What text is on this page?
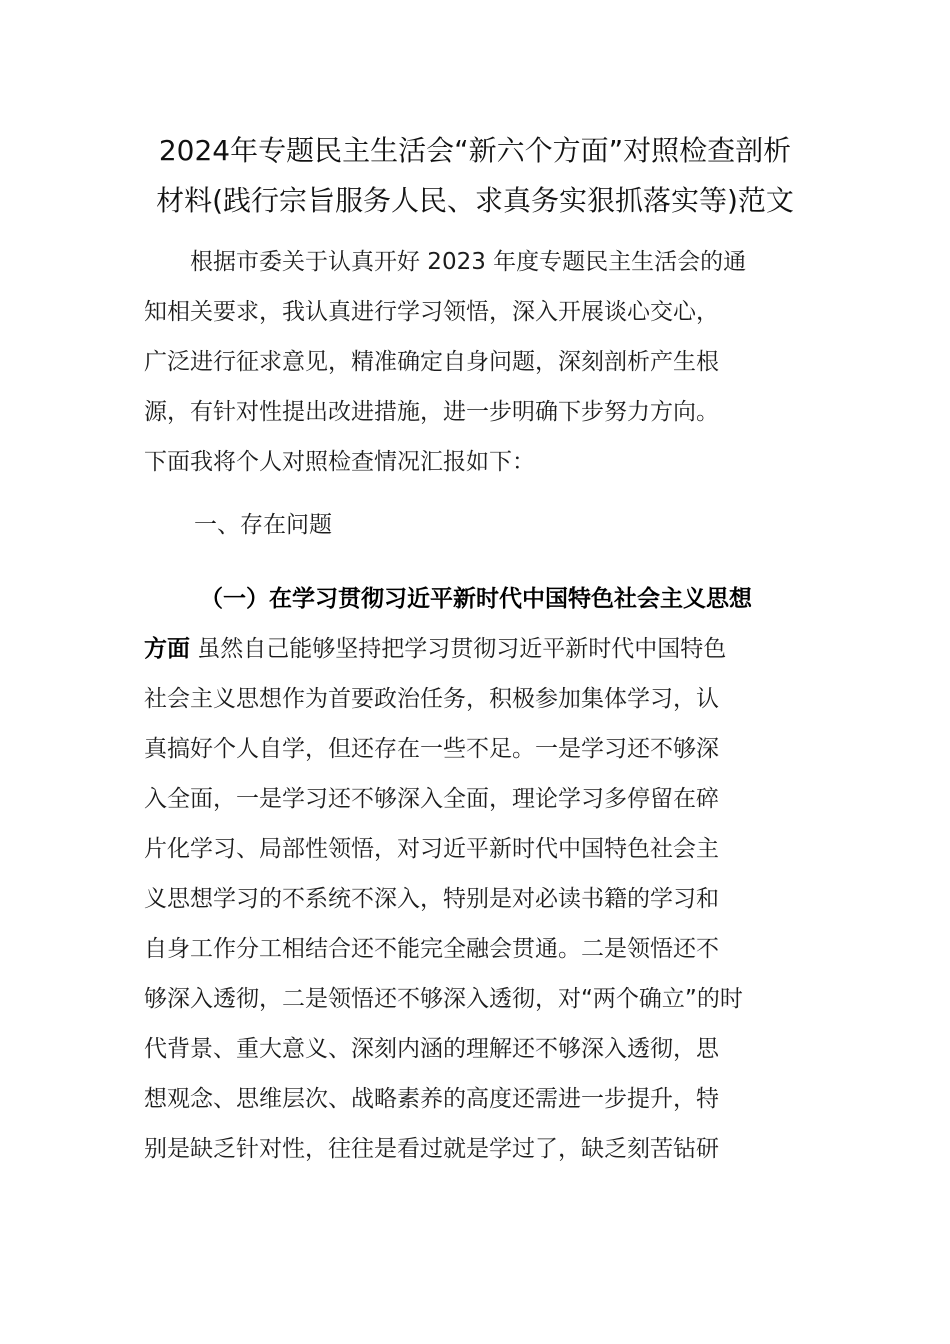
2024年专题民主生活会“新六个方面”对照检查剖析
材料(践行宗旨服务人民、求真务实狠抓落实等)范文
根据市委关于认真开好 2023 年度专题民主生活会的通
知相关要求，我认真进行学习领悟，深入开展谈心交心，
广泛进行征求意见，精准确定自身问题，深刻剖析产生根
源，有针对性提出改进措施，进一步明确下步努力方向。
下面我将个人对照检查情况汇报如下：
一、存在问题
（一）在学习贯彻习近平新时代中国特色社会主义思想
方面 虽然自己能够坚持把学习贯彻习近平新时代中国特色
社会主义思想作为首要政治任务，积极参加集体学习，认
真搞好个人自学，但还存在一些不足。一是学习还不够深
入全面，一是学习还不够深入全面，理论学习多停留在碎
片化学习、局部性领悟，对习近平新时代中国特色社会主
义思想学习的不系统不深入，特别是对必读书籍的学习和
自身工作分工相结合还不能完全融会贯通。二是领悟还不
够深入透彻，二是领悟还不够深入透彻，对“两个确立”的时
代背景、重大意义、深刻内涵的理解还不够深入透彻，思
想观念、思维层次、战略素养的高度还需进一步提升，特
别是缺乏针对性，往往是看过就是学过了，缺乏刻苦钻研
